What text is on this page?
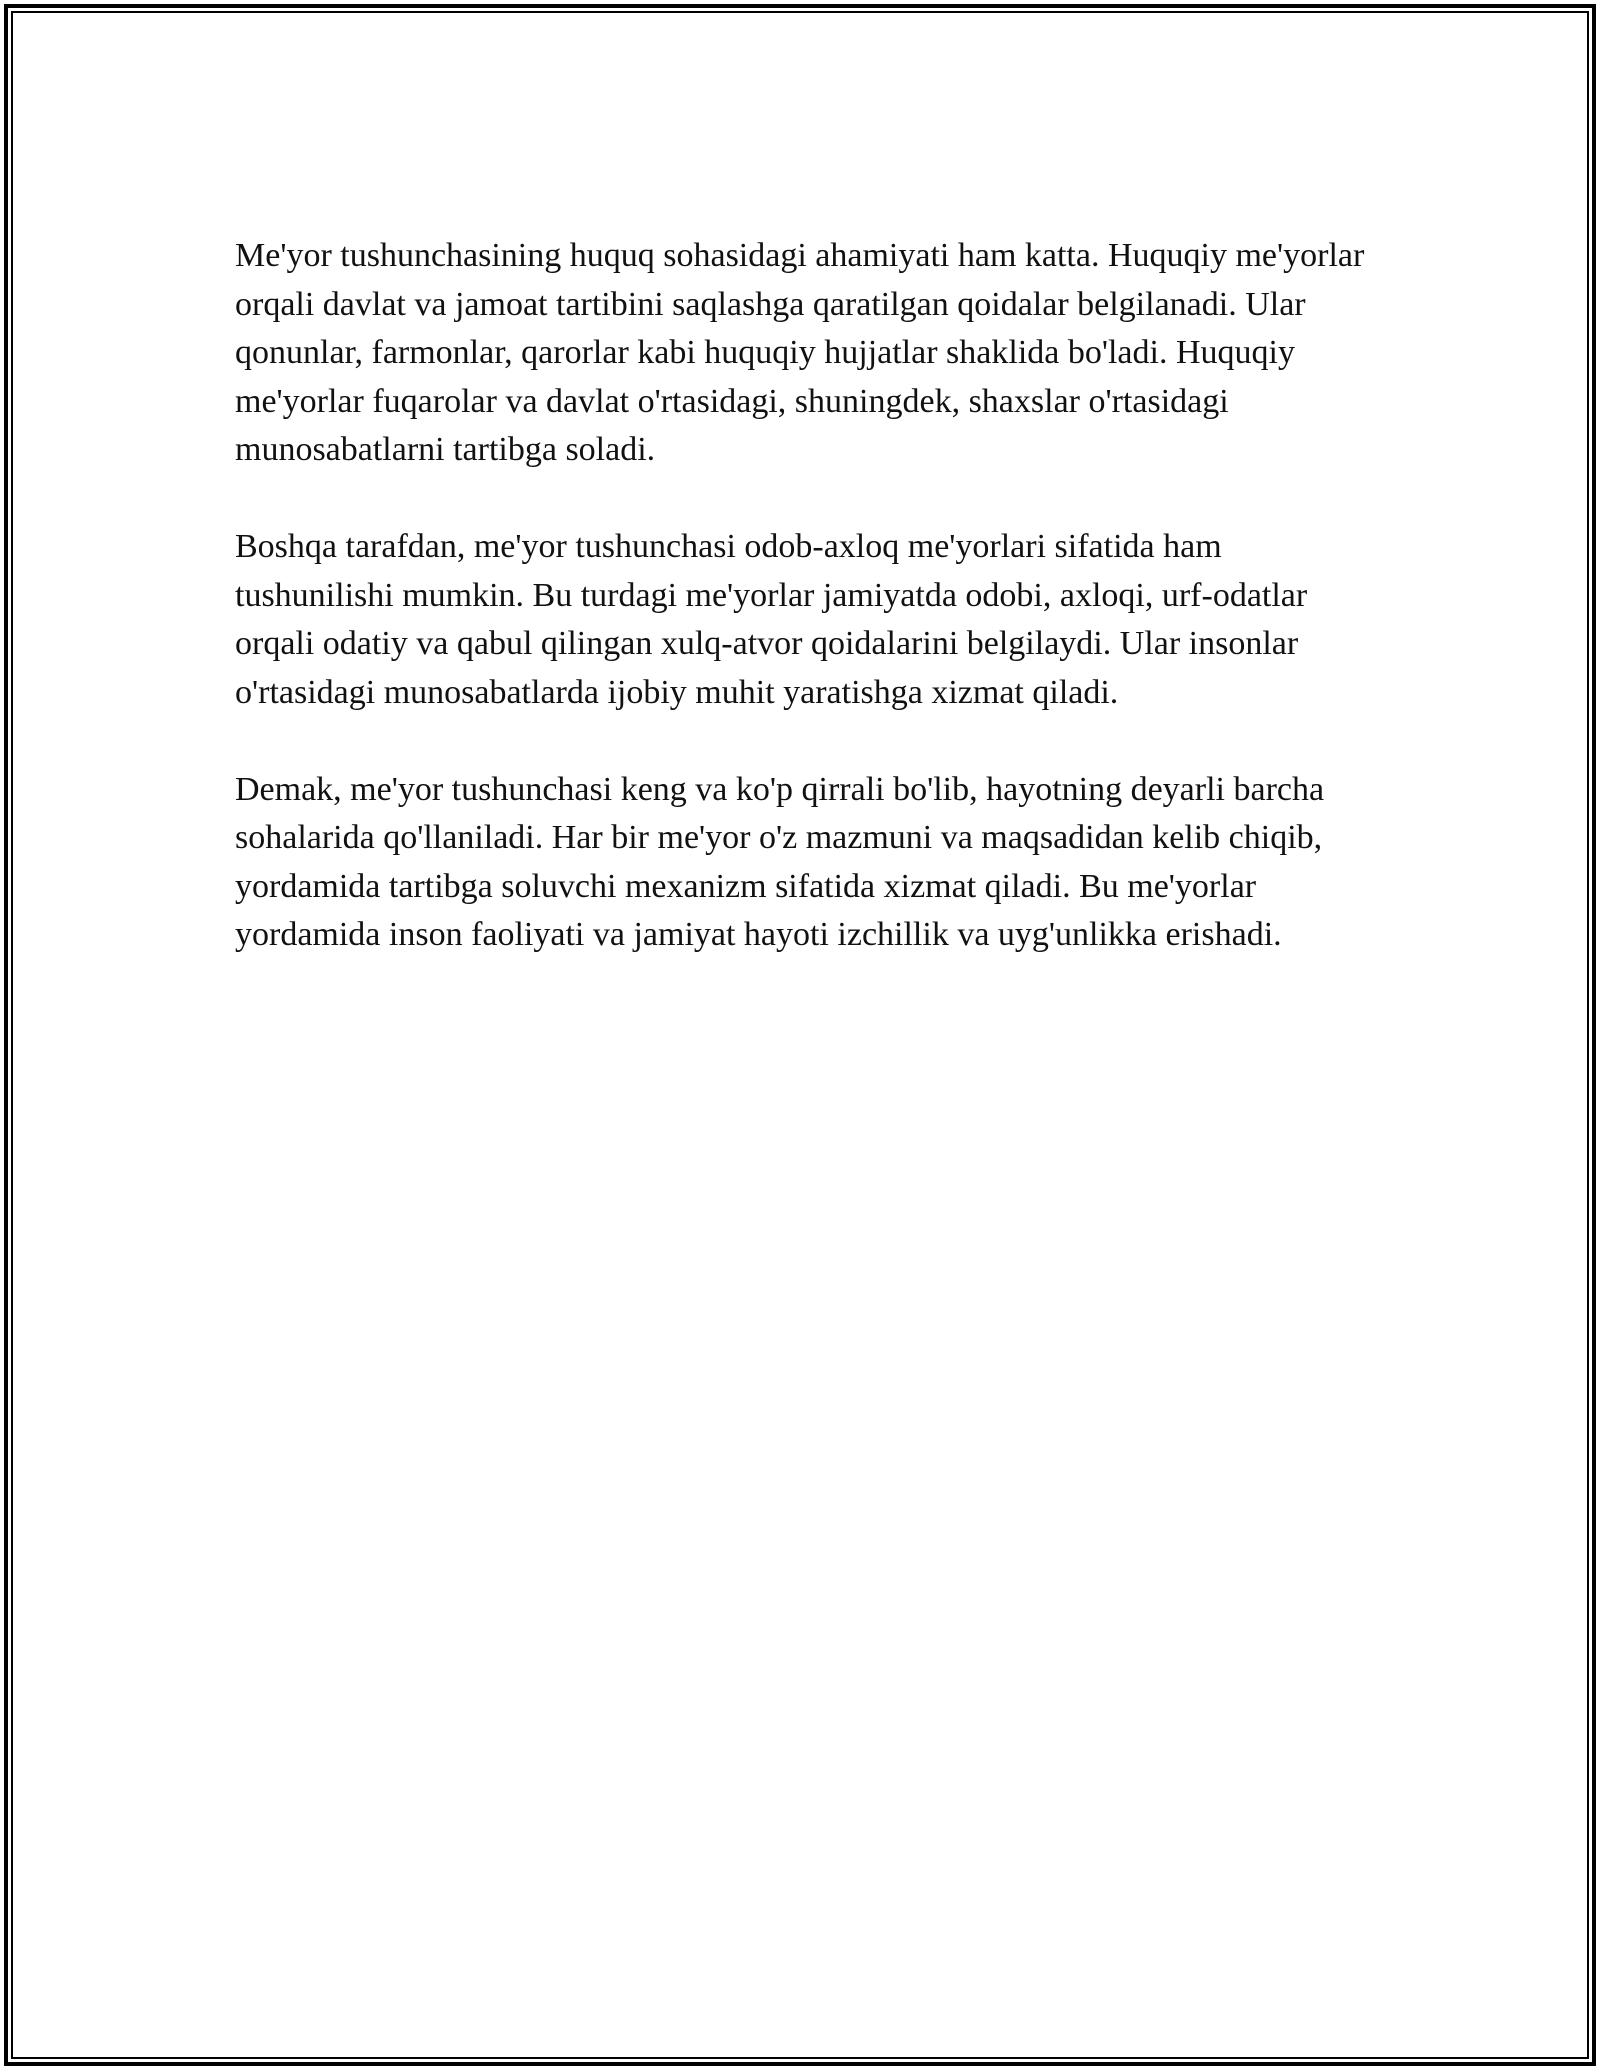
Me'yor tushunchasining huquq sohasidagi ahamiyati ham katta. Huquqiy me'yorlar orqali davlat va jamoat tartibini saqlashga qaratilgan qoidalar belgilanadi. Ular qonunlar, farmonlar, qarorlar kabi huquqiy hujjatlar shaklida bo'ladi. Huquqiy me'yorlar fuqarolar va davlat o'rtasidagi, shuningdek, shaxslar o'rtasidagi munosabatlarni tartibga soladi.

Boshqa tarafdan, me'yor tushunchasi odob-axloq me'yorlari sifatida ham tushunilishi mumkin. Bu turdagi me'yorlar jamiyatda odobi, axloqi, urf-odatlar orqali odatiy va qabul qilingan xulq-atvor qoidalarini belgilaydi. Ular insonlar o'rtasidagi munosabatlarda ijobiy muhit yaratishga xizmat qiladi.

Demak, me'yor tushunchasi keng va ko'p qirrali bo'lib, hayotning deyarli barcha sohalarida qo'llaniladi. Har bir me'yor o'z mazmuni va maqsadidan kelib chiqib, yordamida tartibga soluvchi mexanizm sifatida xizmat qiladi. Bu me'yorlar yordamida inson faoliyati va jamiyat hayoti izchillik va uyg'unlikka erishadi.
